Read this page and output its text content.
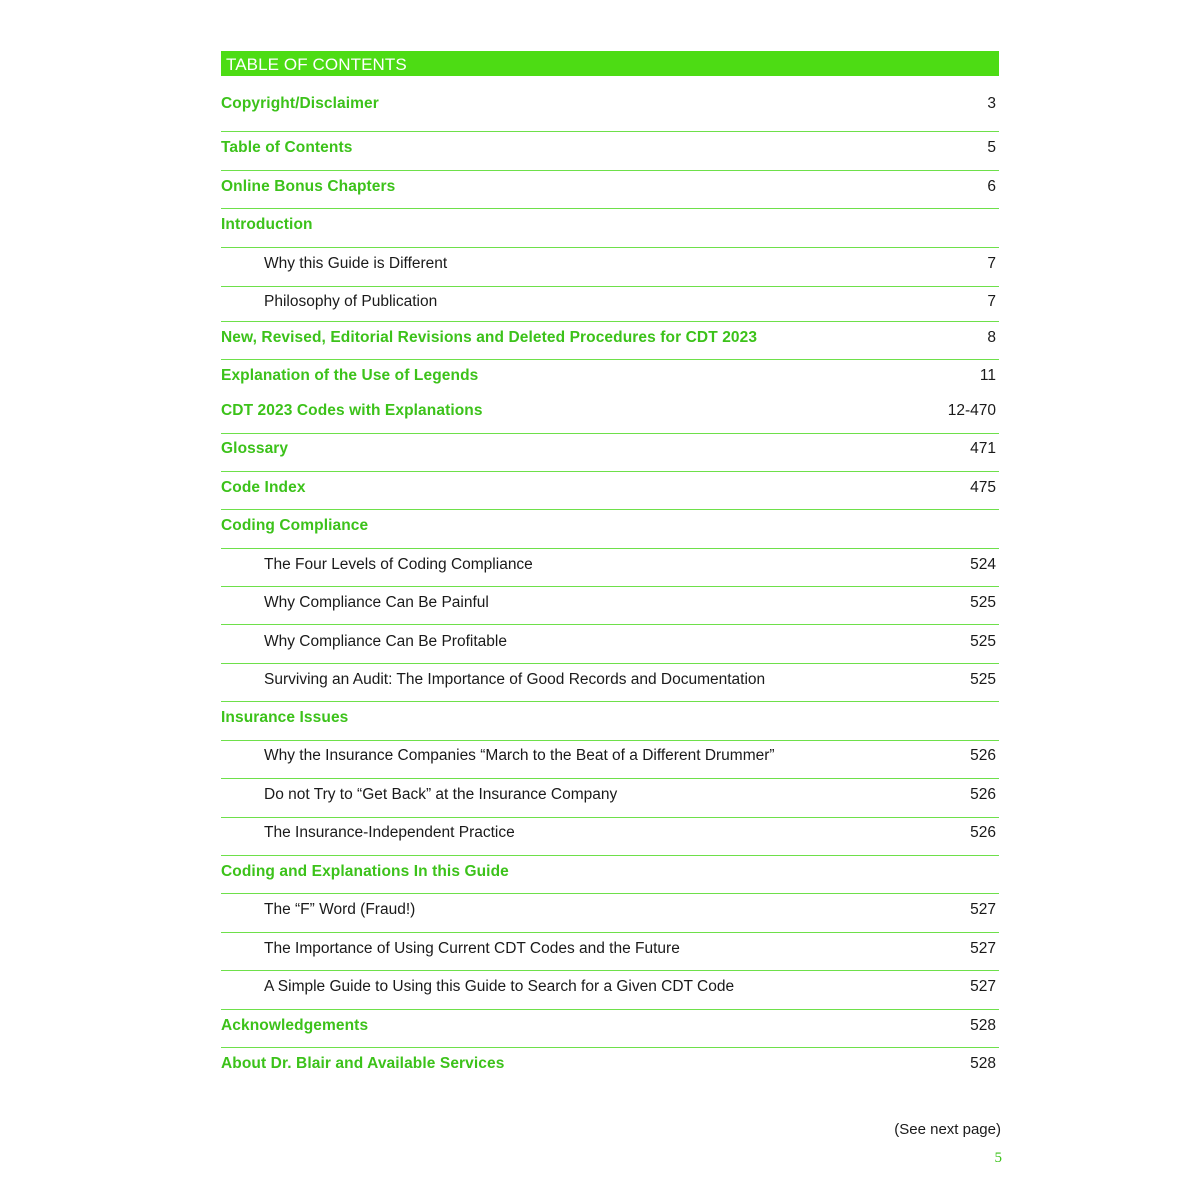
TABLE OF CONTENTS
Copyright/Disclaimer	3
Table of Contents	5
Online Bonus Chapters	6
Introduction
Why this Guide is Different	7
Philosophy of Publication	7
New, Revised, Editorial Revisions and Deleted Procedures for CDT 2023	8
Explanation of the Use of Legends	11
CDT 2023 Codes with Explanations	12-470
Glossary	471
Code Index	475
Coding Compliance
The Four Levels of Coding Compliance	524
Why Compliance Can Be Painful	525
Why Compliance Can Be Profitable	525
Surviving an Audit: The Importance of Good Records and Documentation	525
Insurance Issues
Why the Insurance Companies “March to the Beat of a Different Drummer”	526
Do not Try to “Get Back” at the Insurance Company	526
The Insurance-Independent Practice	526
Coding and Explanations In this Guide
The “F” Word (Fraud!)	527
The Importance of Using Current CDT Codes and the Future	527
A Simple Guide to Using this Guide to Search for a Given CDT Code	527
Acknowledgements	528
About Dr. Blair and Available Services	528
(See next page)
5
